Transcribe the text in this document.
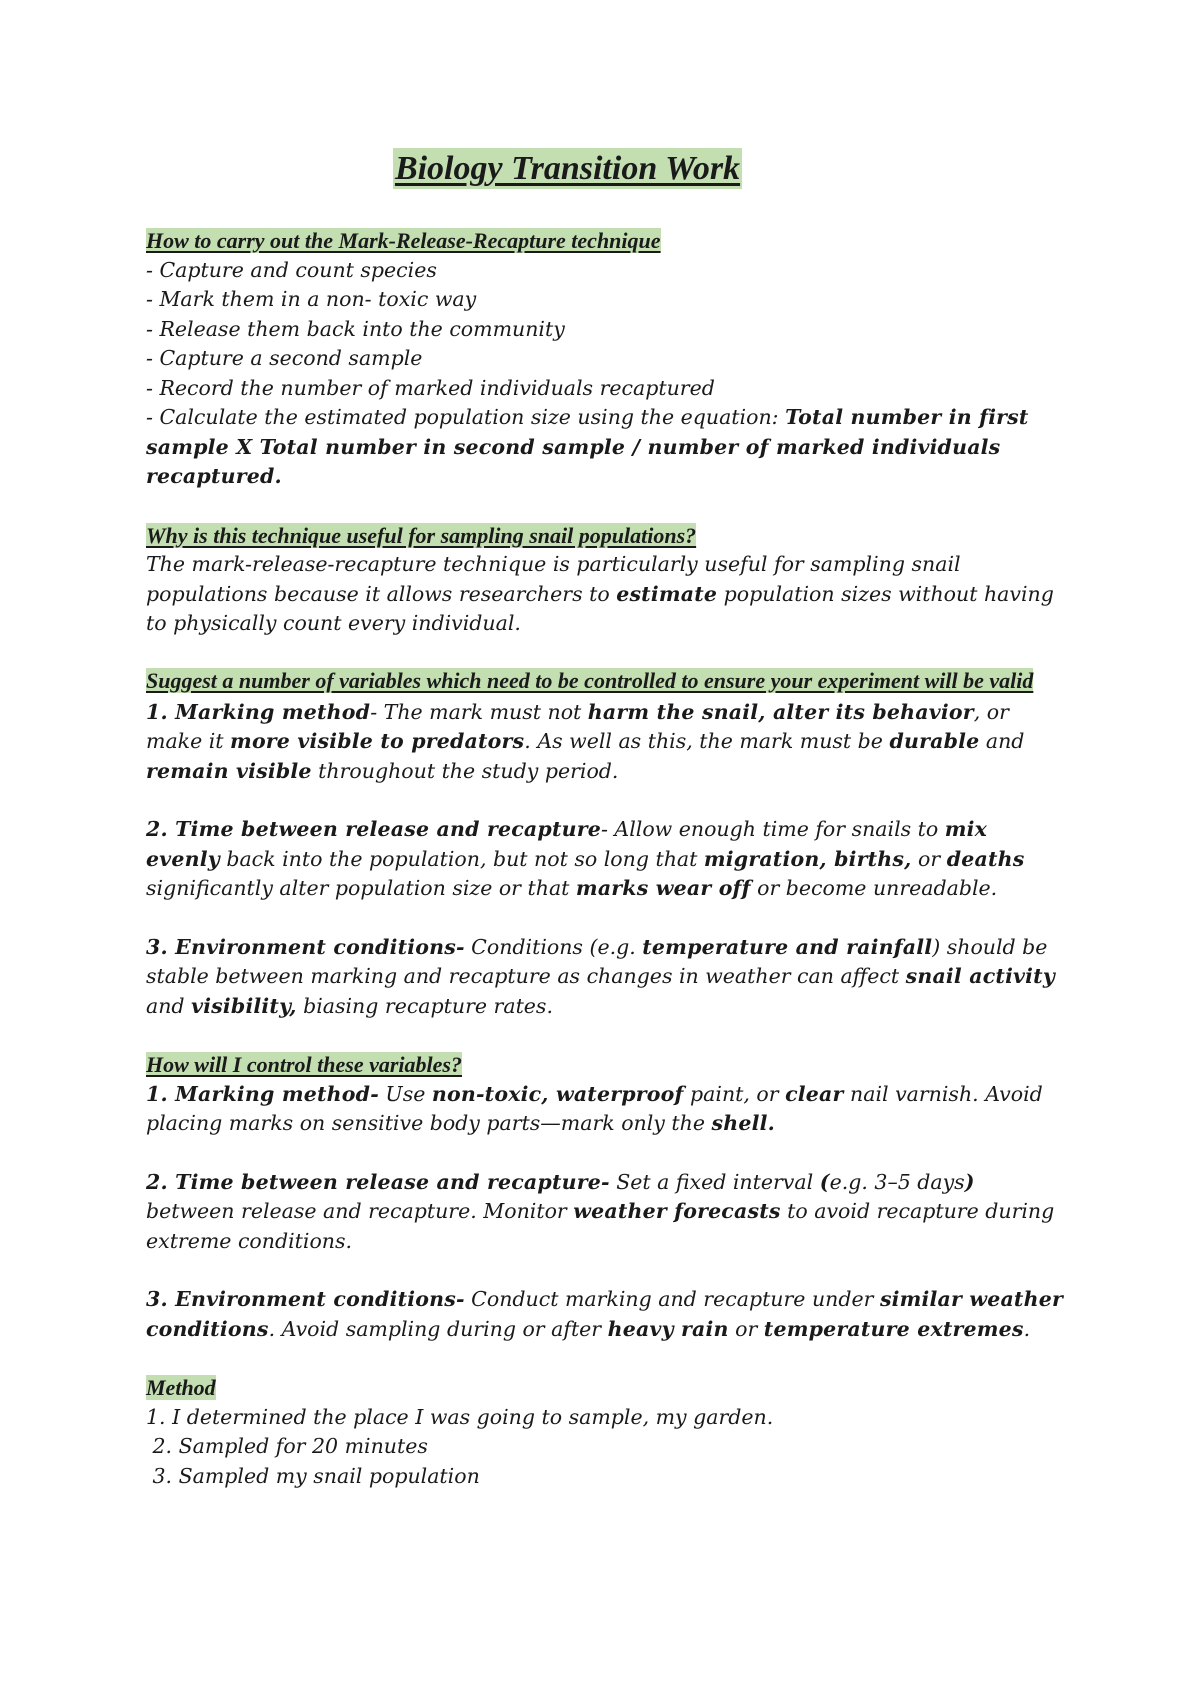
Biology Transition Work

How to carry out the Mark-Release-Recapture technique

- Capture and count species

- Mark them in a non- toxic way

- Release them back into the community

- Capture a second sample

- Record the number of marked individuals recaptured

- Calculate the estimated population size using the equation: Total number in first sample X Total number in second sample / number of marked individuals recaptured.

Why is this technique useful for sampling snail populations?

The mark-release-recapture technique is particularly useful for sampling snail populations because it allows researchers to estimate population sizes without having to physically count every individual.

Suggest a number of variables which need to be controlled to ensure your experiment will be valid

1. Marking method- The mark must not harm the snail, alter its behavior, or make it more visible to predators. As well as this, the mark must be durable and remain visible throughout the study period.

2. Time between release and recapture- Allow enough time for snails to mix evenly back into the population, but not so long that migration, births, or deaths significantly alter population size or that marks wear off or become unreadable.

3. Environment conditions- Conditions (e.g. temperature and rainfall) should be stable between marking and recapture as changes in weather can affect snail activity and visibility, biasing recapture rates.

How will I control these variables?

1. Marking method- Use non-toxic, waterproof paint, or clear nail varnish. Avoid placing marks on sensitive body parts—mark only the shell.

2. Time between release and recapture- Set a fixed interval (e.g. 3–5 days) between release and recapture. Monitor weather forecasts to avoid recapture during extreme conditions.

3. Environment conditions- Conduct marking and recapture under similar weather conditions. Avoid sampling during or after heavy rain or temperature extremes.

Method

1. I determined the place I was going to sample, my garden.

2. Sampled for 20 minutes

3. Sampled my snail population
